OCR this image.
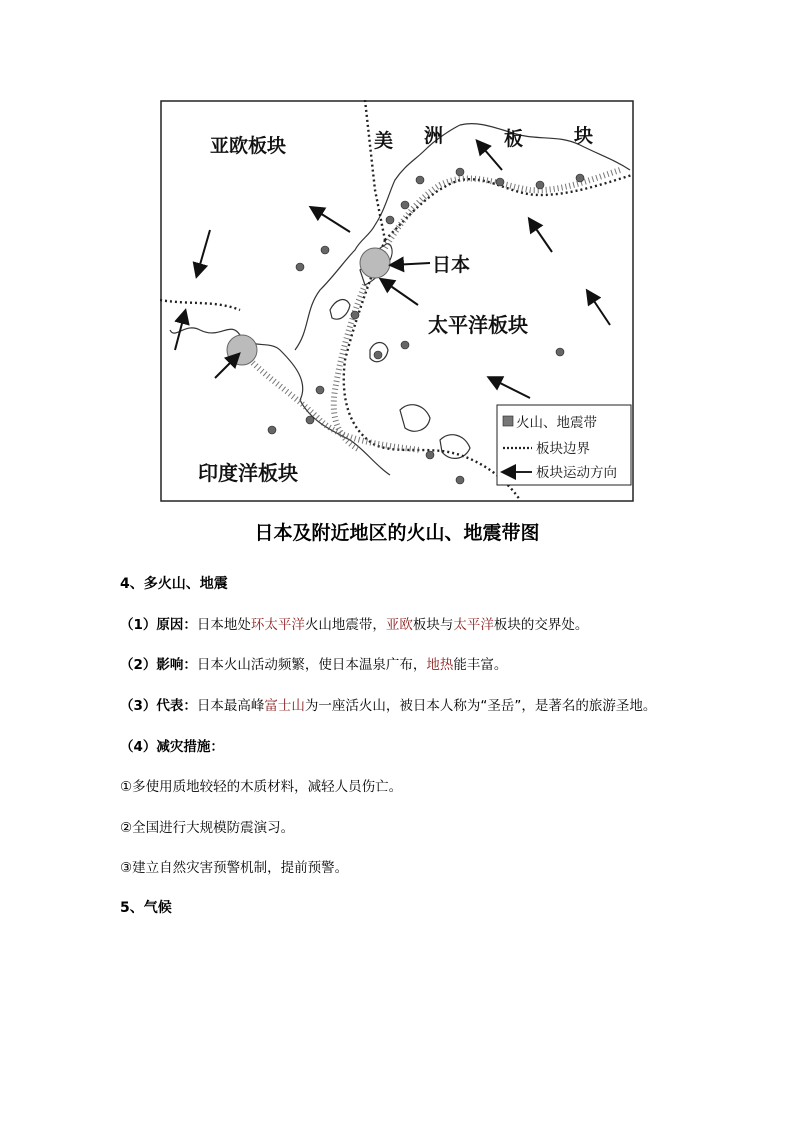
亚欧板块	美 洲	板	块
日本
太平洋板块
印度洋板块
火山、地震带
板块边界
板块运动方向
日本及附近地区的火山、地震带图
4、多火山、地震
（1）原因：日本地处环太平洋火山地震带，亚欧板块与太平洋板块的交界处。
（2）影响：日本火山活动频繁，使日本温泉广布，地热能丰富。
（3）代表：日本最高峰富士山为一座活火山，被日本人称为“圣岳”，是著名的旅游圣地。
（4）减灾措施：
①多使用质地较轻的木质材料，减轻人员伤亡。
②全国进行大规模防震演习。
③建立自然灾害预警机制，提前预警。
5、气候
